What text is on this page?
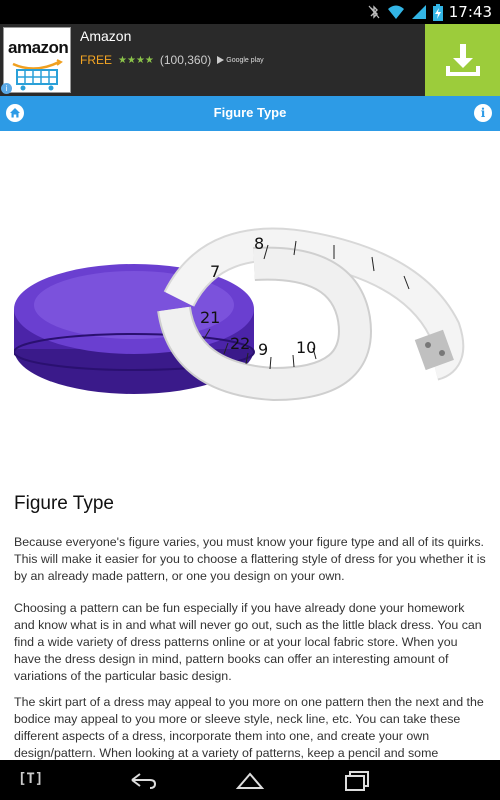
17:43
amazon
i
Amazon
FREE ★★★★ (100,360) Google play
Figure Type	i
21
22 9 10
7
8
Figure Type

Because everyone's figure varies, you must know your figure type and all of its quirks. This will make it easier for you to choose a flattering style of dress for you whether it is by an already made pattern, or one you design on your own.

Choosing a pattern can be fun especially if you have already done your homework and know what is in and what will never go out, such as the little black dress. You can find a wide variety of dress patterns online or at your local fabric store. When you have the dress design in mind, pattern books can offer an interesting amount of variations of the particular basic design.

The skirt part of a dress may appeal to you more on one pattern then the next and the bodice may appeal to you more or sleeve style, neck line, etc. You can take these different aspects of a dress, incorporate them into one, and create your own design/pattern. When looking at a variety of patterns, keep a pencil and some

[T]
